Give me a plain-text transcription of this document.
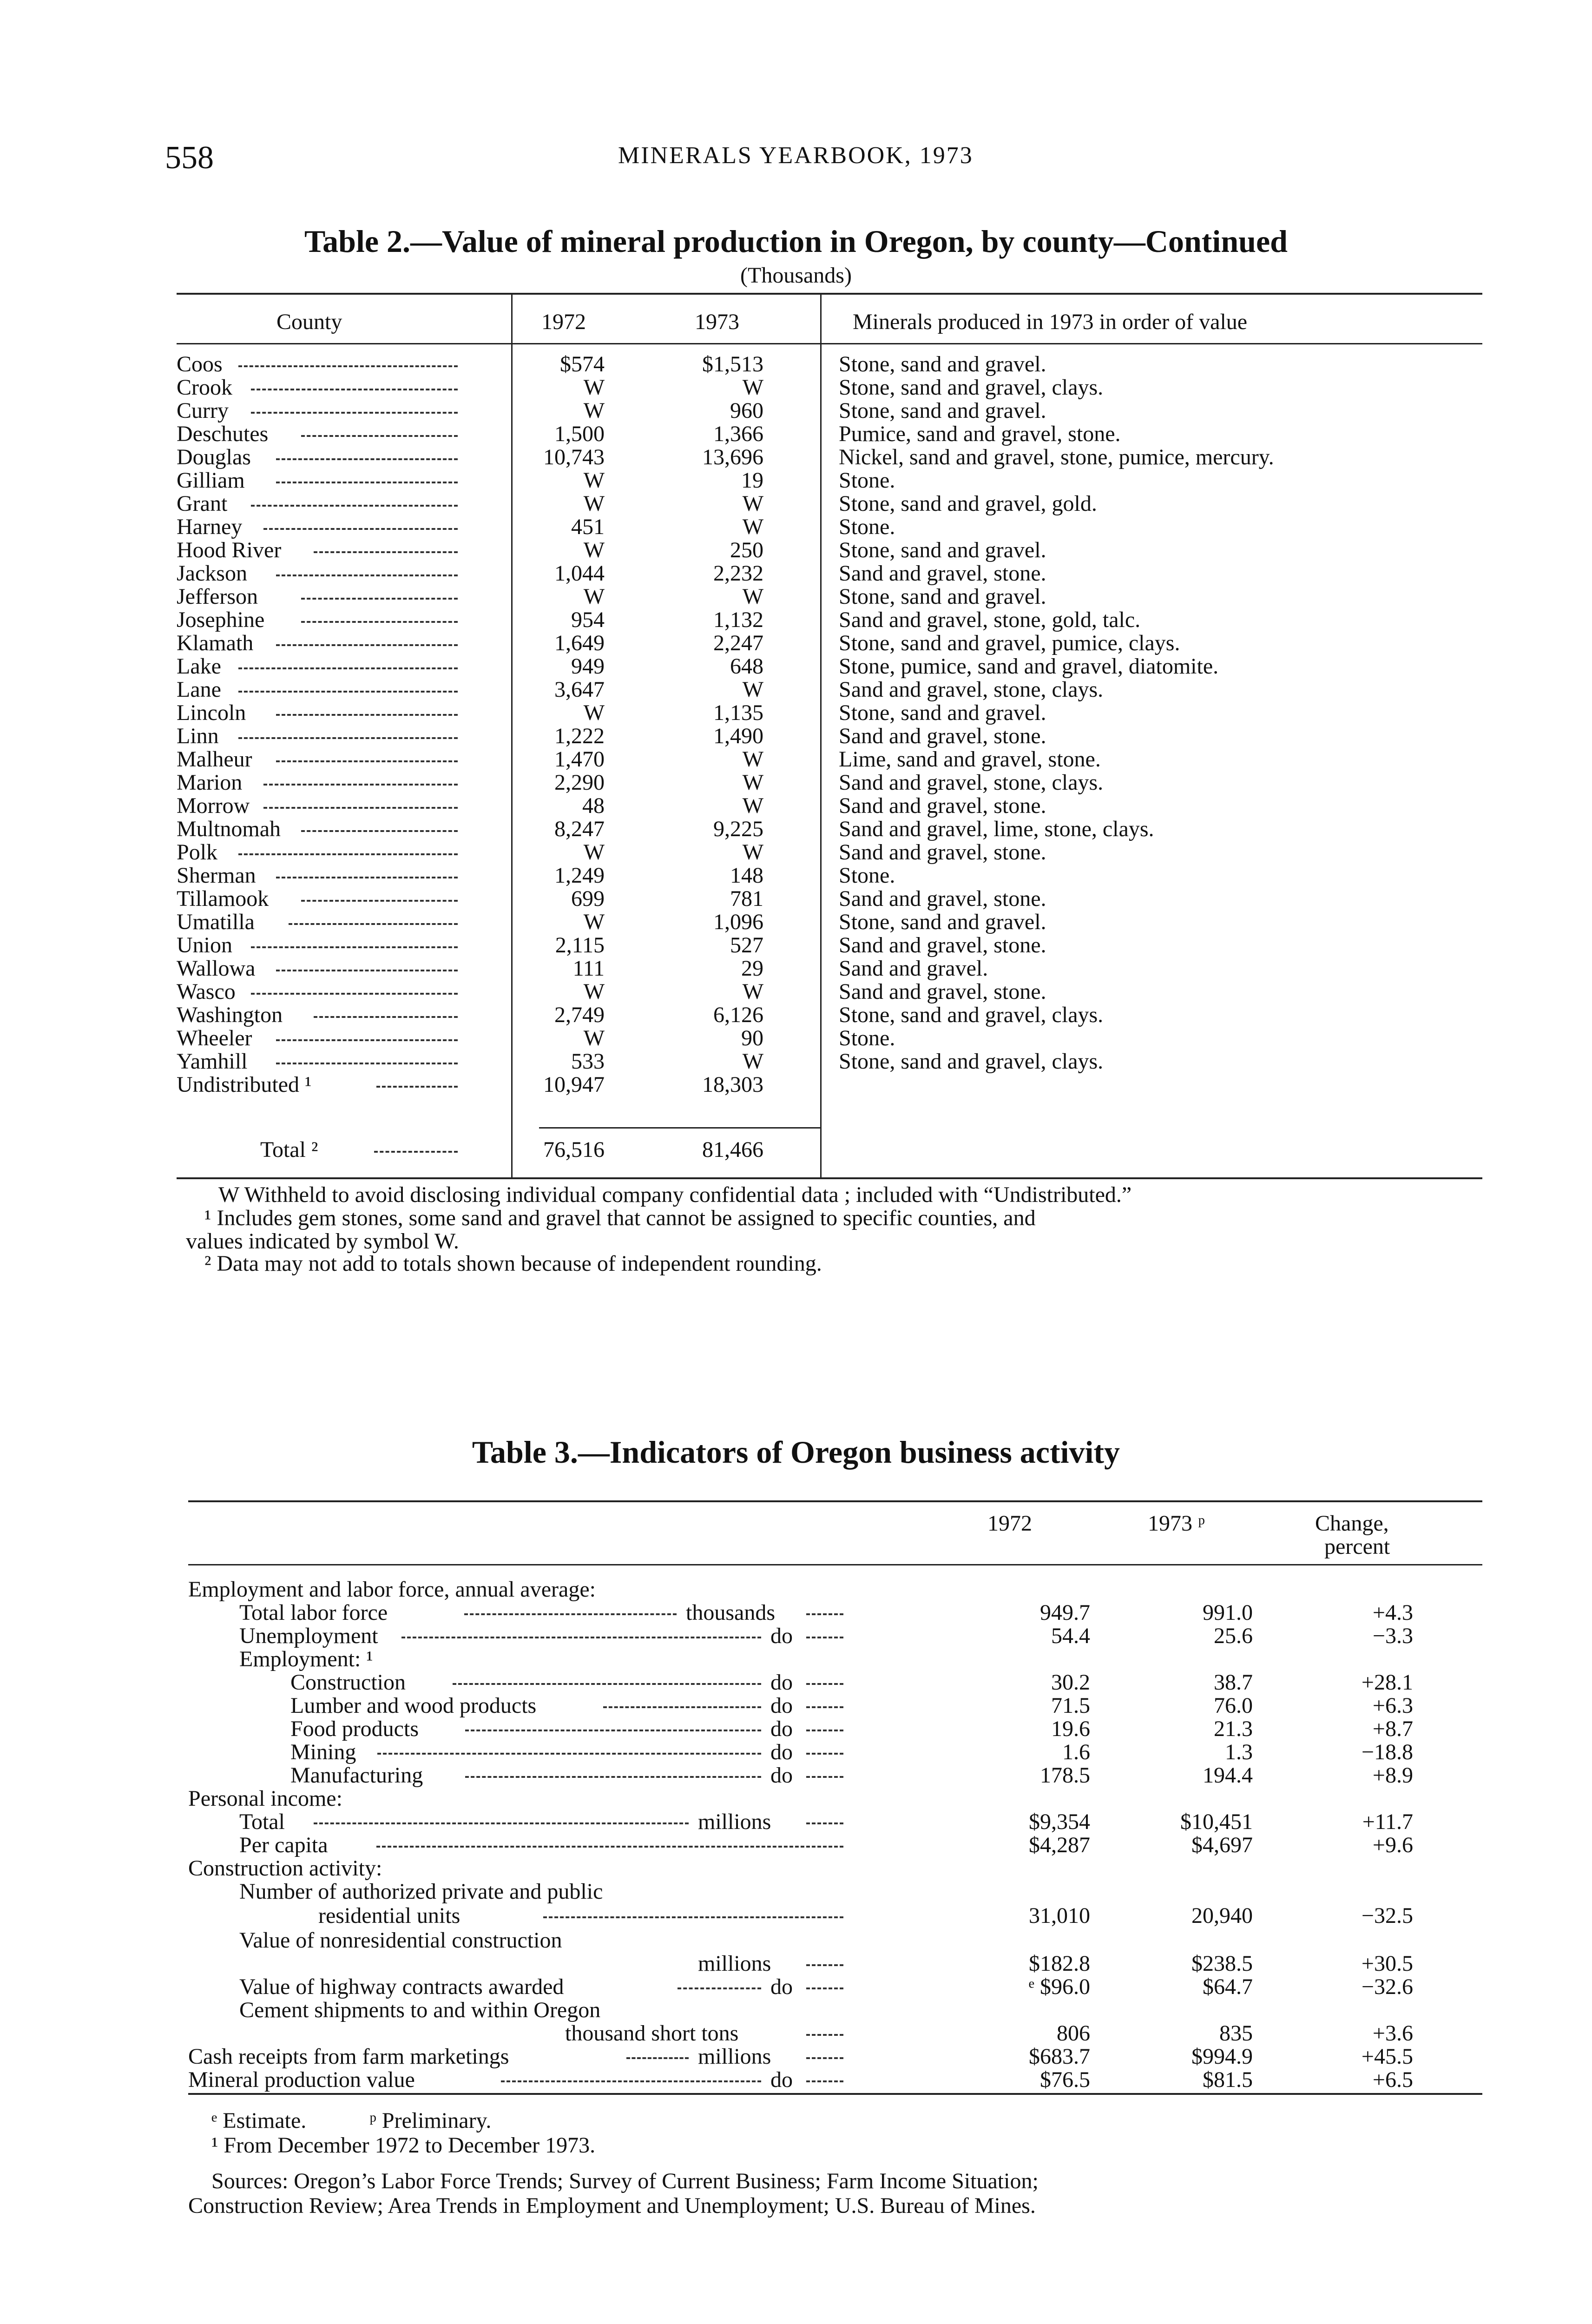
558	MINERALS YEARBOOK, 1973
Table 2.—Value of mineral production in Oregon, by county—Continued
(Thousands)
County	1972	1973	Minerals produced in 1973 in order of value
Coos	$574	$1,513	Stone, sand and gravel.
Crook	W	W	Stone, sand and gravel, clays.
Curry	W	960	Stone, sand and gravel.
Deschutes	1,500	1,366	Pumice, sand and gravel, stone.
Douglas	10,743	13,696	Nickel, sand and gravel, stone, pumice, mercury.
Gilliam	W	19	Stone.
Grant	W	W	Stone, sand and gravel, gold.
Harney	451	W	Stone.
Hood River	W	250	Stone, sand and gravel.
Jackson	1,044	2,232	Sand and gravel, stone.
Jefferson	W	W	Stone, sand and gravel.
Josephine	954	1,132	Sand and gravel, stone, gold, talc.
Klamath	1,649	2,247	Stone, sand and gravel, pumice, clays.
Lake	949	648	Stone, pumice, sand and gravel, diatomite.
Lane	3,647	W	Sand and gravel, stone, clays.
Lincoln	W	1,135	Stone, sand and gravel.
Linn	1,222	1,490	Sand and gravel, stone.
Malheur	1,470	W	Lime, sand and gravel, stone.
Marion	2,290	W	Sand and gravel, stone, clays.
Morrow	48	W	Sand and gravel, stone.
Multnomah	8,247	9,225	Sand and gravel, lime, stone, clays.
Polk	W	W	Sand and gravel, stone.
Sherman	1,249	148	Stone.
Tillamook	699	781	Sand and gravel, stone.
Umatilla	W	1,096	Stone, sand and gravel.
Union	2,115	527	Sand and gravel, stone.
Wallowa	111	29	Sand and gravel.
Wasco	W	W	Sand and gravel, stone.
Washington	2,749	6,126	Stone, sand and gravel, clays.
Wheeler	W	90	Stone.
Yamhill	533	W	Stone, sand and gravel, clays.
Undistributed ¹	10,947	18,303
Total ²	76,516	81,466
W Withheld to avoid disclosing individual company confidential data ; included with “Undistributed.”
¹ Includes gem stones, some sand and gravel that cannot be assigned to specific counties, and
values indicated by symbol W.
² Data may not add to totals shown because of independent rounding.
Table 3.—Indicators of Oregon business activity
1972	1973 ᵖ	Change,
percent
Employment and labor force, annual average:
Total labor force	thousands	949.7	991.0	+4.3
Unemployment	do	54.4	25.6	−3.3
Employment: ¹
Construction	do	30.2	38.7	+28.1
Lumber and wood products	do	71.5	76.0	+6.3
Food products	do	19.6	21.3	+8.7
Mining	do	1.6	1.3	−18.8
Manufacturing	do	178.5	194.4	+8.9
Personal income:
Total	millions	$9,354	$10,451	+11.7
Per capita	$4,287	$4,697	+9.6
Construction activity:
Number of authorized private and public
residential units	31,010	20,940	−32.5
Value of nonresidential construction
millions	$182.8	$238.5	+30.5
Value of highway contracts awarded	do	ᵉ $96.0	$64.7	−32.6
Cement shipments to and within Oregon
thousand short tons	806	835	+3.6
Cash receipts from farm marketings	millions	$683.7	$994.9	+45.5
Mineral production value	do	$76.5	$81.5	+6.5
ᵉ Estimate.	ᵖ Preliminary.
¹ From December 1972 to December 1973.
Sources: Oregon’s Labor Force Trends; Survey of Current Business; Farm Income Situation;
Construction Review; Area Trends in Employment and Unemployment; U.S. Bureau of Mines.
